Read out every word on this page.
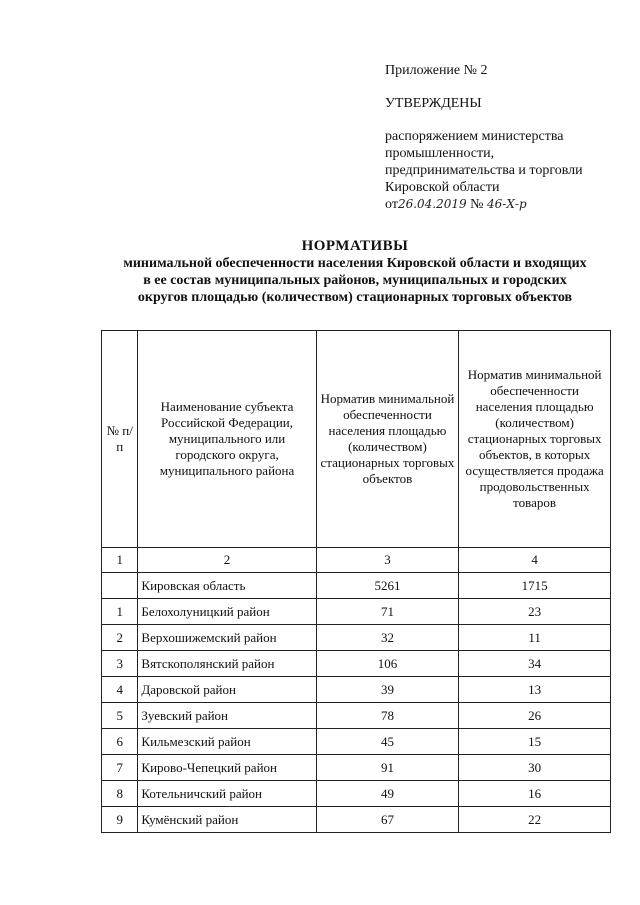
Приложение № 2
УТВЕРЖДЕНЫ
распоряжением министерства
промышленности,
предпринимательства и торговли
Кировской области
от26.04.2019 № 46-Х-р
НОРМАТИВЫ
минимальной обеспеченности населения Кировской области и входящих
в ее состав муниципальных районов, муниципальных и городских
округов площадью (количеством) стационарных торговых объектов
№ п/п	Наименование субъекта Российской Федерации, муниципального или городского округа, муниципального района	Норматив минимальной обеспеченности населения площадью (количеством) стационарных торговых объектов	Норматив минимальной обеспеченности населения площадью (количеством) стационарных торговых объектов, в которых осуществляется продажа продовольственных товаров
1	2	3	4
	Кировская область	5261	1715
1	Белохолуницкий район	71	23
2	Верхошижемский район	32	11
3	Вятскополянский район	106	34
4	Даровской район	39	13
5	Зуевский район	78	26
6	Кильмезский район	45	15
7	Кирово-Чепецкий район	91	30
8	Котельничский район	49	16
9	Кумёнский район	67	22
